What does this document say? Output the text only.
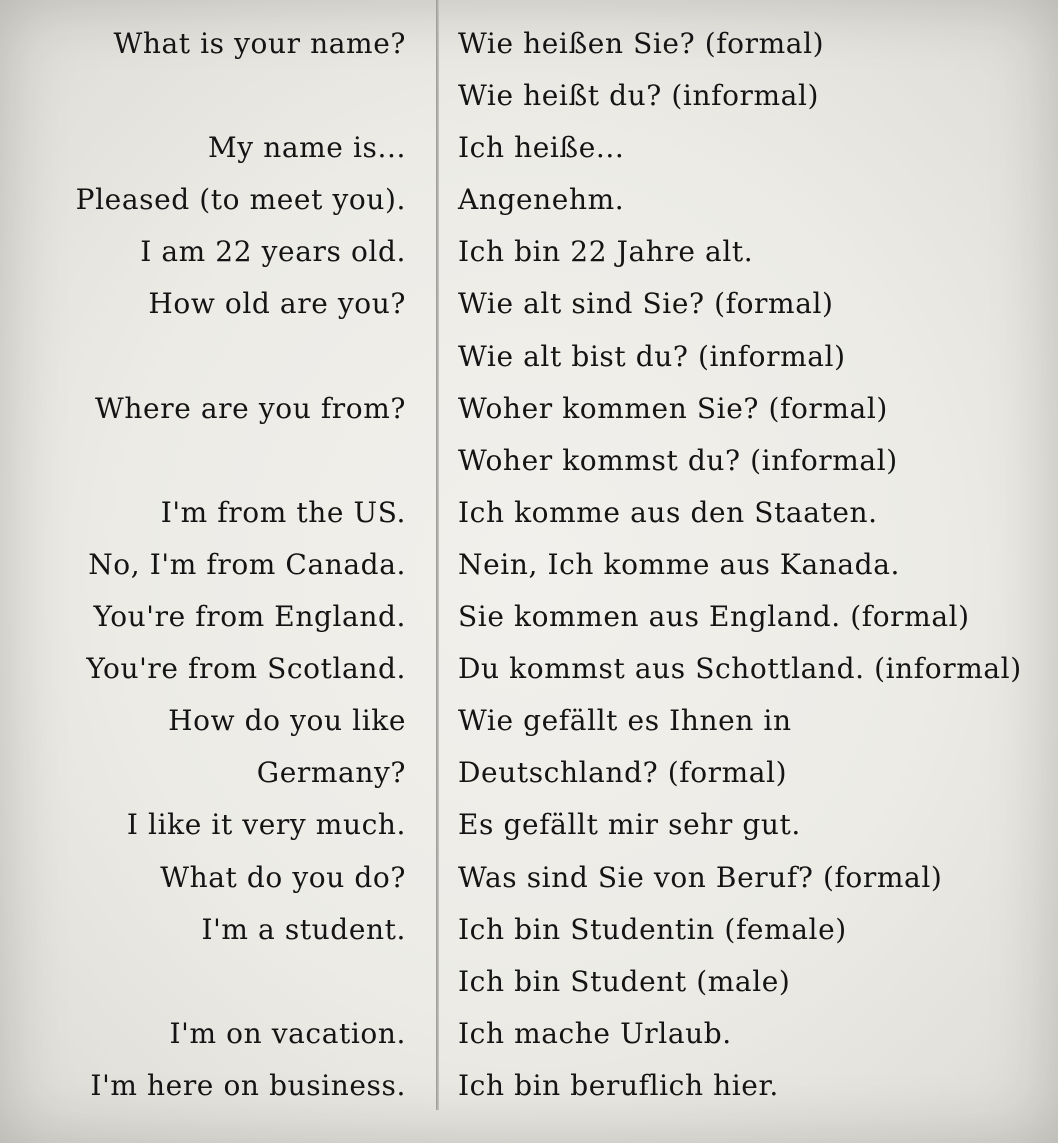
What is your name? Wie heißen Sie? (formal)
Wie heißt du? (informal)
My name is... Ich heiße...
Pleased (to meet you). Angenehm.
I am 22 years old. Ich bin 22 Jahre alt.
How old are you? Wie alt sind Sie? (formal)
Wie alt bist du? (informal)
Where are you from? Woher kommen Sie? (formal)
Woher kommst du? (informal)
I'm from the US. Ich komme aus den Staaten.
No, I'm from Canada. Nein, Ich komme aus Kanada.
You're from England. Sie kommen aus England. (formal)
You're from Scotland. Du kommst aus Schottland. (informal)
How do you like Wie gefällt es Ihnen in
Germany? Deutschland? (formal)
I like it very much. Es gefällt mir sehr gut.
What do you do? Was sind Sie von Beruf? (formal)
I'm a student. Ich bin Studentin (female)
Ich bin Student (male)
I'm on vacation. Ich mache Urlaub.
I'm here on business. Ich bin beruflich hier.
